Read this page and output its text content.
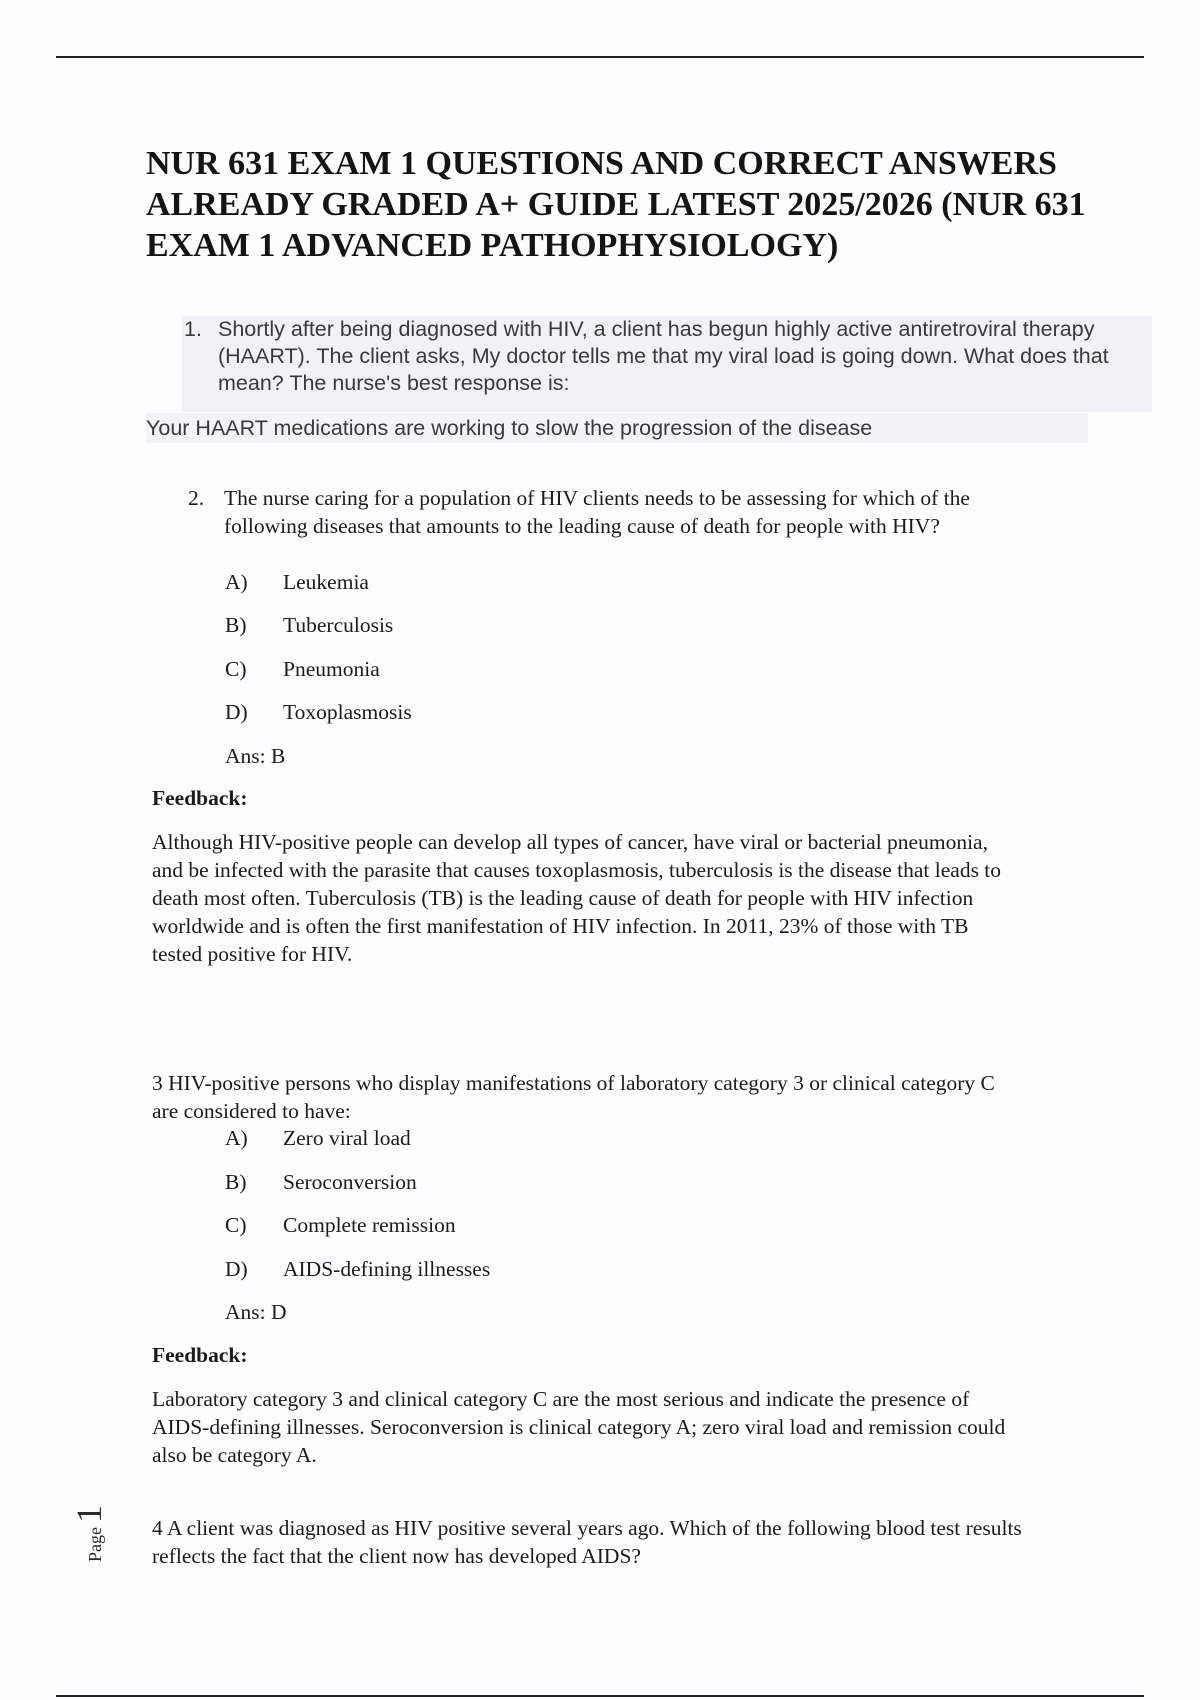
NUR 631 EXAM 1 QUESTIONS AND CORRECT ANSWERS ALREADY GRADED A+ GUIDE LATEST 2025/2026 (NUR 631 EXAM 1 ADVANCED PATHOPHYSIOLOGY)
1. Shortly after being diagnosed with HIV, a client has begun highly active antiretroviral therapy (HAART). The client asks, My doctor tells me that my viral load is going down. What does that mean? The nurse's best response is:
Your HAART medications are working to slow the progression of the disease
2. The nurse caring for a population of HIV clients needs to be assessing for which of the following diseases that amounts to the leading cause of death for people with HIV?
A) Leukemia
B) Tuberculosis
C) Pneumonia
D) Toxoplasmosis
Ans: B
Feedback:
Although HIV-positive people can develop all types of cancer, have viral or bacterial pneumonia, and be infected with the parasite that causes toxoplasmosis, tuberculosis is the disease that leads to death most often. Tuberculosis (TB) is the leading cause of death for people with HIV infection worldwide and is often the first manifestation of HIV infection. In 2011, 23% of those with TB tested positive for HIV.
3 HIV-positive persons who display manifestations of laboratory category 3 or clinical category C are considered to have:
A) Zero viral load
B) Seroconversion
C) Complete remission
D) AIDS-defining illnesses
Ans: D
Feedback:
Laboratory category 3 and clinical category C are the most serious and indicate the presence of AIDS-defining illnesses. Seroconversion is clinical category A; zero viral load and remission could also be category A.
4 A client was diagnosed as HIV positive several years ago. Which of the following blood test results reflects the fact that the client now has developed AIDS?
Page1
